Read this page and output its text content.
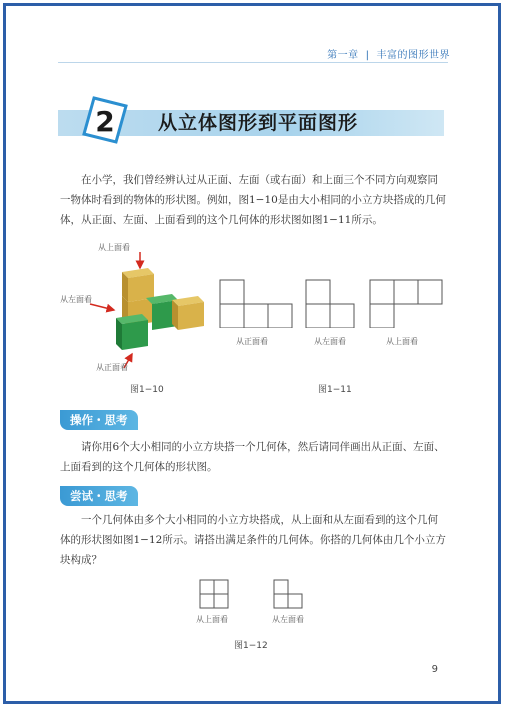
第一章 | 丰富的图形世界
2 从立体图形到平面图形

在小学，我们曾经辨认过从正面、左面（或右面）和上面三个不同方向观察同一物体时看到的物体的形状图。例如，图1−10是由大小相同的小立方块搭成的几何体，从正面、左面、上面看到的这个几何体的形状图如图1−11所示。

从上面看
从左面看
从正面看
图1−10
从正面看	从左面看	从上面看
图1−11
操作・思考

请你用6个大小相同的小立方块搭一个几何体，然后请同伴画出从正面、左面、上面看到的这个几何体的形状图。

尝试・思考

一个几何体由多个大小相同的小立方块搭成，从上面和从左面看到的这个几何体的形状图如图1−12所示。请搭出满足条件的几何体。你搭的几何体由几个小立方块构成？

从上面看	从左面看
图1−12
9
